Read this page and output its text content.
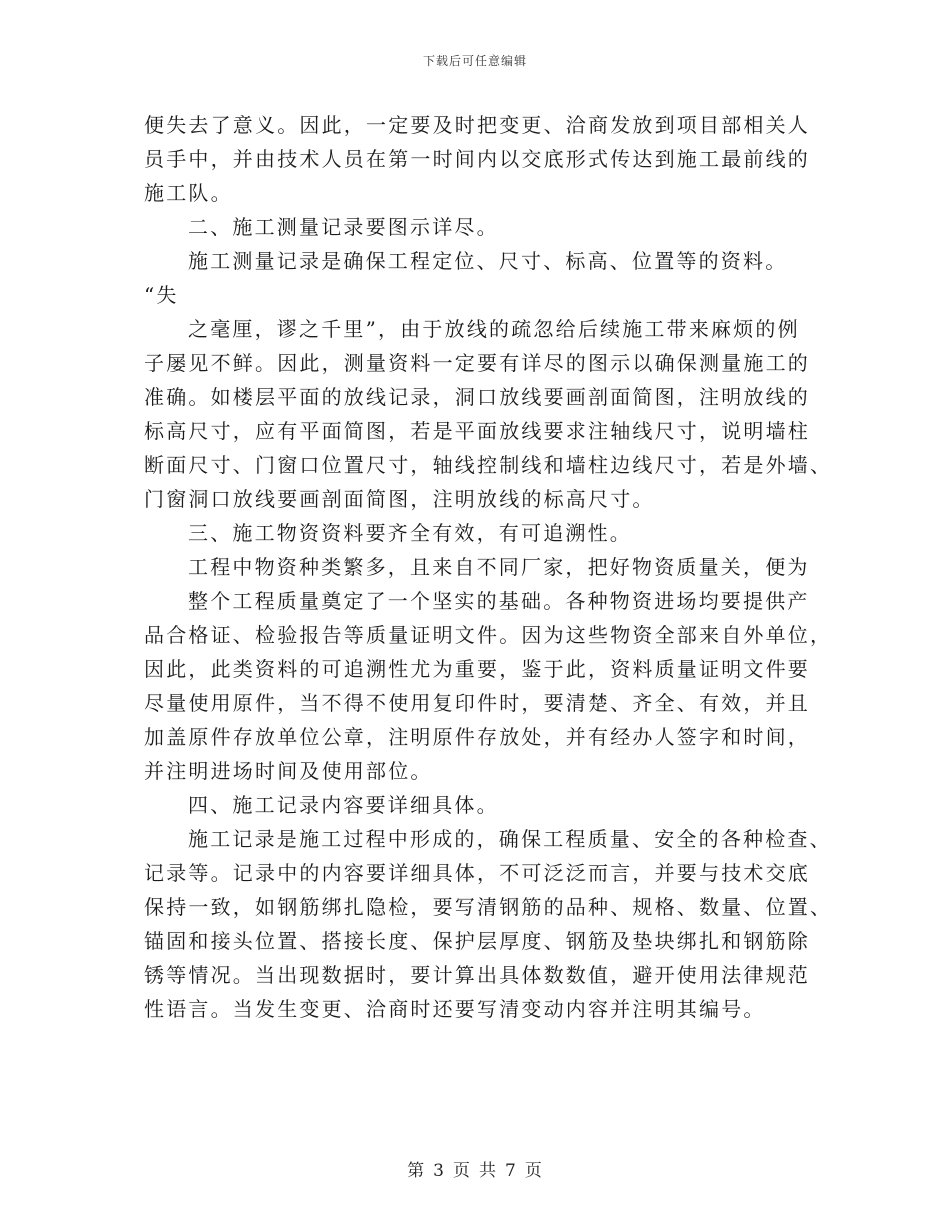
下载后可任意编辑
便失去了意义。因此，一定要及时把变更、洽商发放到项目部相关人
员手中，并由技术人员在第一时间内以交底形式传达到施工最前线的
施工队。
二、施工测量记录要图示详尽。
施工测量记录是确保工程定位、尺寸、标高、位置等的资料。
“失
之毫厘，谬之千里”，由于放线的疏忽给后续施工带来麻烦的例
子屡见不鲜。因此，测量资料一定要有详尽的图示以确保测量施工的
准确。如楼层平面的放线记录，洞口放线要画剖面简图，注明放线的
标高尺寸，应有平面简图，若是平面放线要求注轴线尺寸，说明墙柱
断面尺寸、门窗口位置尺寸，轴线控制线和墙柱边线尺寸，若是外墙、
门窗洞口放线要画剖面简图，注明放线的标高尺寸。
三、施工物资资料要齐全有效，有可追溯性。
工程中物资种类繁多，且来自不同厂家，把好物资质量关，便为
整个工程质量奠定了一个坚实的基础。各种物资进场均要提供产
品合格证、检验报告等质量证明文件。因为这些物资全部来自外单位，
因此，此类资料的可追溯性尤为重要，鉴于此，资料质量证明文件要
尽量使用原件，当不得不使用复印件时，要清楚、齐全、有效，并且
加盖原件存放单位公章，注明原件存放处，并有经办人签字和时间，
并注明进场时间及使用部位。
四、施工记录内容要详细具体。
施工记录是施工过程中形成的，确保工程质量、安全的各种检查、
记录等。记录中的内容要详细具体，不可泛泛而言，并要与技术交底
保持一致，如钢筋绑扎隐检，要写清钢筋的品种、规格、数量、位置、
锚固和接头位置、搭接长度、保护层厚度、钢筋及垫块绑扎和钢筋除
锈等情况。当出现数据时，要计算出具体数数值，避开使用法律规范
性语言。当发生变更、洽商时还要写清变动内容并注明其编号。
第 3 页 共 7 页
